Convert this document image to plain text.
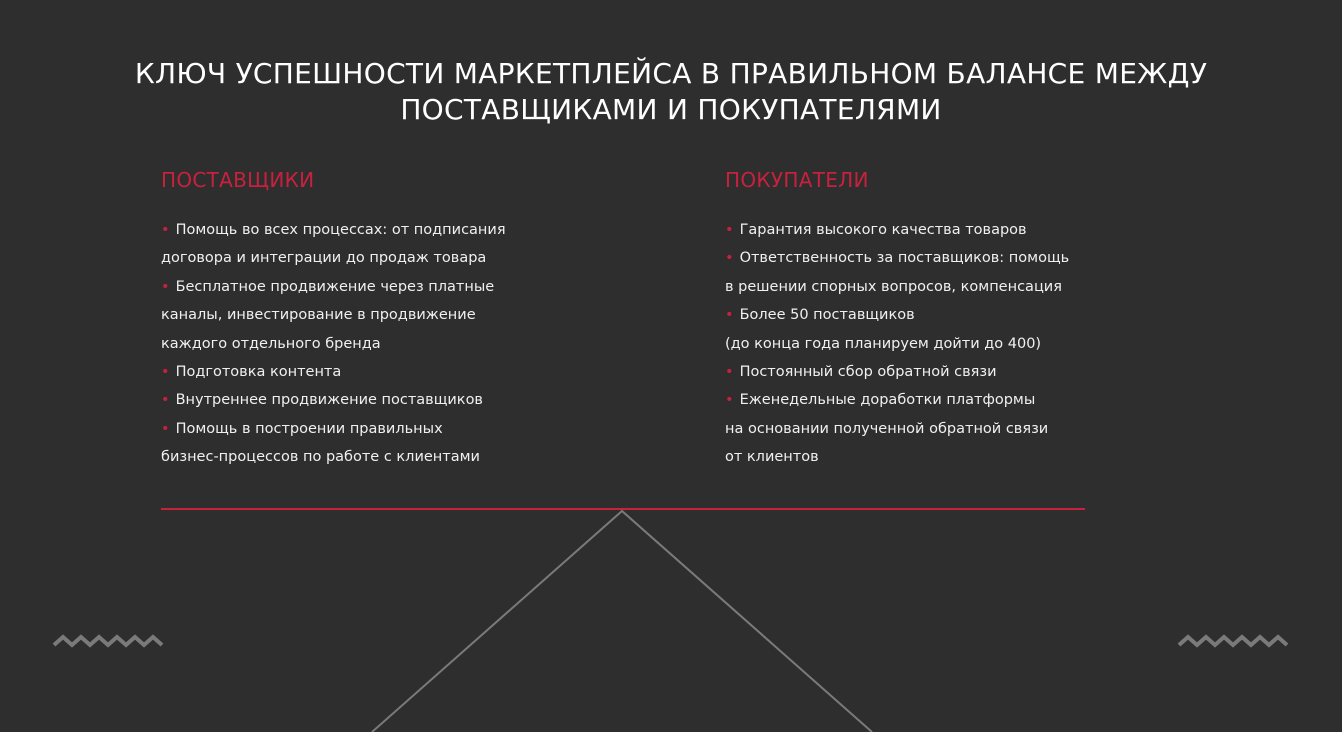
КЛЮЧ УСПЕШНОСТИ МАРКЕТПЛЕЙСА В ПРАВИЛЬНОМ БАЛАНСЕ МЕЖДУ
ПОСТАВЩИКАМИ И ПОКУПАТЕЛЯМИ
ПОСТАВЩИКИ
• Помощь во всех процессах: от подписания
договора и интеграции до продаж товара
• Бесплатное продвижение через платные
каналы, инвестирование в продвижение
каждого отдельного бренда
• Подготовка контента
• Внутреннее продвижение поставщиков
• Помощь в построении правильных
бизнес-процессов по работе с клиентами
ПОКУПАТЕЛИ
• Гарантия высокого качества товаров
• Ответственность за поставщиков: помощь
в решении спорных вопросов, компенсация
• Более 50 поставщиков
(до конца года планируем дойти до 400)
• Постоянный сбор обратной связи
• Еженедельные доработки платформы
на основании полученной обратной связи
от клиентов
